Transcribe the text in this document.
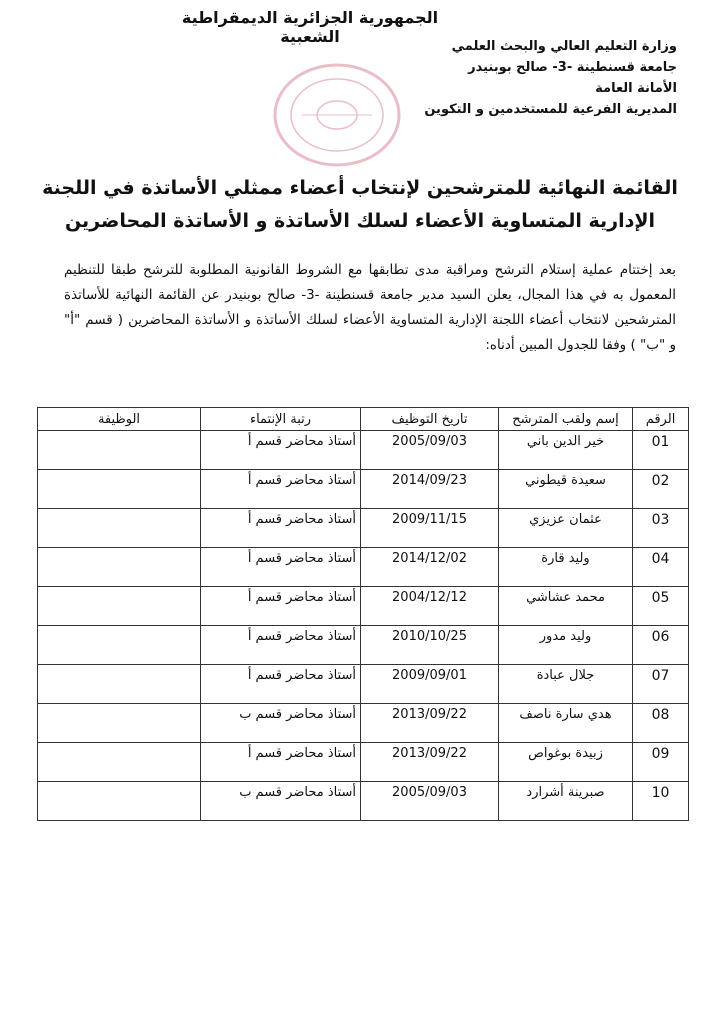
الجمهورية الجزائرية الديمقراطية الشعبية
وزارة التعليم العالي والبحث العلمي
جامعة قسنطينة -3- صالح بوبنيدر
الأمانة العامة
المديرية الفرعية للمستخدمين و التكوين
القائمة النهائية للمترشحين لإنتخاب أعضاء ممثلي الأساتذة في اللجنة
الإدارية المتساوية الأعضاء لسلك الأساتذة و الأساتذة المحاضرين
بعد إختتام عملية إستلام الترشح ومراقبة مدى تطابقها مع الشروط القانونية المطلوبة للترشح طبقا للتنظيم المعمول به في هذا المجال، يعلن السيد مدير جامعة قسنطينة -3- صالح بوبنيدر عن القائمة النهائية للأساتذة المترشحين لانتخاب أعضاء اللجنة الإدارية المتساوية الأعضاء لسلك الأساتذة و الأساتذة المحاضرين ( قسم "أ" و "ب" ) وفقا للجدول المبين أدناه:
الرقم	إسم ولقب المترشح	تاريخ التوظيف	رتبة الإنتماء	الوظيفة
01	خير الدين باني	2005/09/03	أستاذ محاضر قسم أ	
02	سعيدة قيطوني	2014/09/23	أستاذ محاضر قسم أ	
03	عثمان عزيزي	2009/11/15	أستاذ محاضر قسم أ	
04	وليد قارة	2014/12/02	أستاذ محاضر قسم أ	
05	محمد عشاشي	2004/12/12	أستاذ محاضر قسم أ	
06	وليد مدور	2010/10/25	أستاذ محاضر قسم أ	
07	جلال عبادة	2009/09/01	أستاذ محاضر قسم أ	
08	هدي سارة ناصف	2013/09/22	أستاذ محاضر قسم ب	
09	زبيدة بوغواص	2013/09/22	أستاذ محاضر قسم أ	
10	صبرينة أشرارد	2005/09/03	أستاذ محاضر قسم ب	
